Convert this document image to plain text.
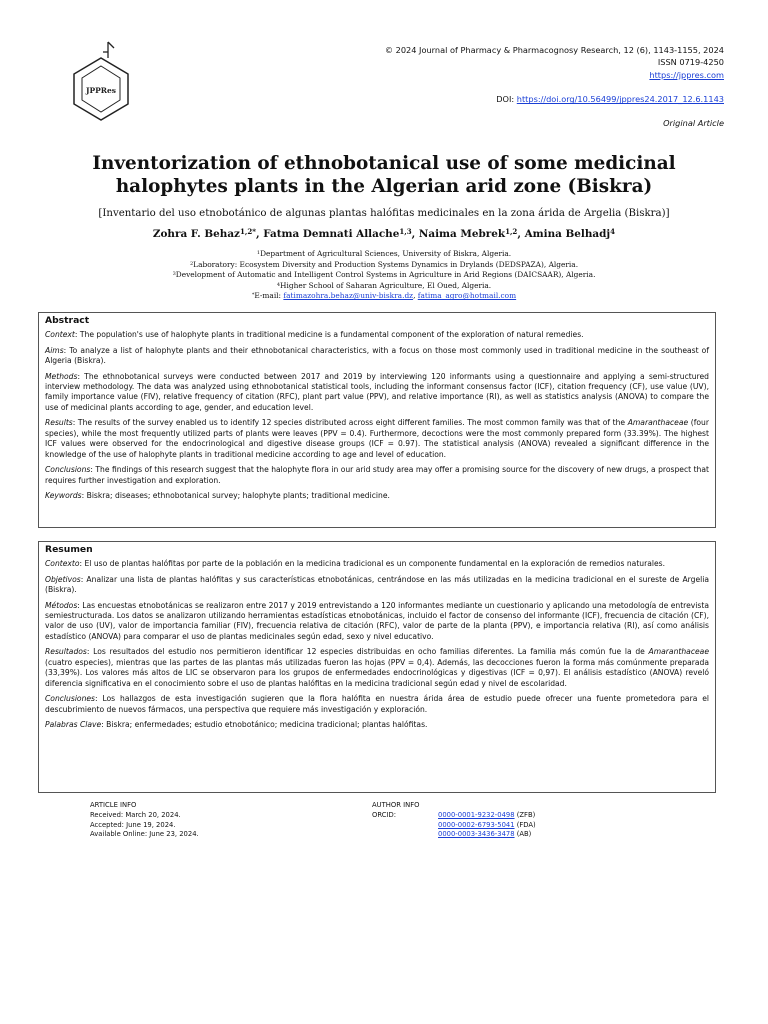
JPPRes
© 2024 Journal of Pharmacy & Pharmacognosy Research, 12 (6), 1143-1155, 2024
ISSN 0719-4250
https://jppres.com
DOI: https://doi.org/10.56499/jppres24.2017_12.6.1143
Original Article
Inventorization of ethnobotanical use of some medicinal
halophytes plants in the Algerian arid zone (Biskra)
[Inventario del uso etnobotánico de algunas plantas halófitas medicinales en la zona árida de Argelia (Biskra)]
Zohra F. Behaz$^{1,2*}$, Fatma Demnati Allache$^{1,3}$, Naima Mebrek$^{1,2}$, Amina Belhadj$^4$
$^1$Department of Agricultural Sciences, University of Biskra, Algeria.
$^2$Laboratory: Ecosystem Diversity and Production Systems Dynamics in Drylands (DEDSPAZA), Algeria.
$^3$Development of Automatic and Intelligent Control Systems in Agriculture in Arid Regions (DAICSAAR), Algeria.
$^4$Higher School of Saharan Agriculture, El Oued, Algeria.
*E-mail: fatimazohra.behaz@univ-biskra.dz, fatima_agro@hotmail.com
Abstract

Context: The population's use of halophyte plants in traditional medicine is a fundamental component of the exploration of natural remedies.

Aims: To analyze a list of halophyte plants and their ethnobotanical characteristics, with a focus on those most commonly used in traditional medicine in the southeast of Algeria (Biskra).

Methods: The ethnobotanical surveys were conducted between 2017 and 2019 by interviewing 120 informants using a questionnaire and applying a semi-structured interview methodology. The data was analyzed using ethnobotanical statistical tools, including the informant consensus factor (ICF), citation frequency (CF), use value (UV), family importance value (FIV), relative frequency of citation (RFC), plant part value (PPV), and relative importance (RI), as well as statistics analysis (ANOVA) to compare the use of medicinal plants according to age, gender, and education level.

Results: The results of the survey enabled us to identify 12 species distributed across eight different families. The most common family was that of the Amaranthaceae (four species), while the most frequently utilized parts of plants were leaves (PPV = 0.4). Furthermore, decoctions were the most commonly prepared form (33.39%). The highest ICF values were observed for the endocrinological and digestive disease groups (ICF = 0.97). The statistical analysis (ANOVA) revealed a significant difference in the knowledge of the use of halophyte plants in traditional medicine according to age and level of education.

Conclusions: The findings of this research suggest that the halophyte flora in our arid study area may offer a promising source for the discovery of new drugs, a prospect that requires further investigation and exploration.

Keywords: Biskra; diseases; ethnobotanical survey; halophyte plants; traditional medicine.

Resumen

Contexto: El uso de plantas halófitas por parte de la población en la medicina tradicional es un componente fundamental en la exploración de remedios naturales.

Objetivos: Analizar una lista de plantas halófitas y sus características etnobotánicas, centrándose en las más utilizadas en la medicina tradicional en el sureste de Argelia (Biskra).

Métodos: Las encuestas etnobotánicas se realizaron entre 2017 y 2019 entrevistando a 120 informantes mediante un cuestionario y aplicando una metodología de entrevista semiestructurada. Los datos se analizaron utilizando herramientas estadísticas etnobotánicas, incluido el factor de consenso del informante (ICF), frecuencia de citación (CF), valor de uso (UV), valor de importancia familiar (FIV), frecuencia relativa de citación (RFC), valor de parte de la planta (PPV), e importancia relativa (RI), así como análisis estadístico (ANOVA) para comparar el uso de plantas medicinales según edad, sexo y nivel educativo.

Resultados: Los resultados del estudio nos permitieron identificar 12 especies distribuidas en ocho familias diferentes. La familia más común fue la de Amaranthaceae (cuatro especies), mientras que las partes de las plantas más utilizadas fueron las hojas (PPV = 0,4). Además, las decocciones fueron la forma más comúnmente preparada (33,39%). Los valores más altos de LIC se observaron para los grupos de enfermedades endocrinológicas y digestivas (ICF = 0,97). El análisis estadístico (ANOVA) reveló diferencia significativa en el conocimiento sobre el uso de plantas halófitas en la medicina tradicional según edad y nivel de escolaridad.

Conclusiones: Los hallazgos de esta investigación sugieren que la flora halófita en nuestra árida área de estudio puede ofrecer una fuente prometedora para el descubrimiento de nuevos fármacos, una perspectiva que requiere más investigación y exploración.

Palabras Clave: Biskra; enfermedades; estudio etnobotánico; medicina tradicional; plantas halófitas.

ARTICLE INFO
Received: March 20, 2024.
Accepted: June 19, 2024.
Available Online: June 23, 2024.
AUTHOR INFO
ORCID:	0000-0001-9232-0498 (ZFB)
0000-0002-6793-5041 (FDA)
0000-0003-3436-3478 (AB)
